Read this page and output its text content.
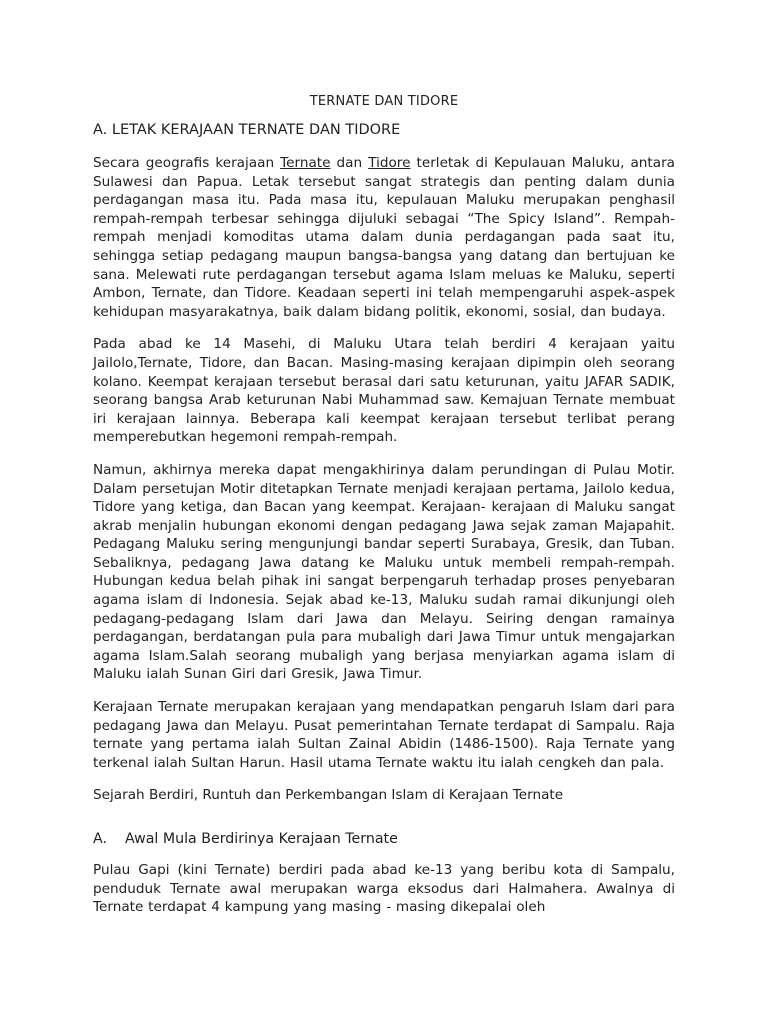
TERNATE DAN TIDORE
A. LETAK KERAJAAN TERNATE DAN TIDORE

Secara geografis kerajaan Ternate dan Tidore terletak di Kepulauan Maluku, antara Sulawesi dan Papua. Letak tersebut sangat strategis dan penting dalam dunia perdagangan masa itu. Pada masa itu, kepulauan Maluku merupakan penghasil rempah-rempah terbesar sehingga dijuluki sebagai “The Spicy Island”. Rempah-rempah menjadi komoditas utama dalam dunia perdagangan pada saat itu, sehingga setiap pedagang maupun bangsa-bangsa yang datang dan bertujuan ke sana. Melewati rute perdagangan tersebut agama Islam meluas ke Maluku, seperti Ambon, Ternate, dan Tidore. Keadaan seperti ini telah mempengaruhi aspek-aspek kehidupan masyarakatnya, baik dalam bidang politik, ekonomi, sosial, dan budaya.

Pada abad ke 14 Masehi, di Maluku Utara telah berdiri 4 kerajaan yaitu Jailolo,Ternate, Tidore, dan Bacan. Masing-masing kerajaan dipimpin oleh seorang kolano. Keempat kerajaan tersebut berasal dari satu keturunan, yaitu JAFAR SADIK, seorang bangsa Arab keturunan Nabi Muhammad saw. Kemajuan Ternate membuat iri kerajaan lainnya. Beberapa kali keempat kerajaan tersebut terlibat perang memperebutkan hegemoni rempah-rempah.

Namun, akhirnya mereka dapat mengakhirinya dalam perundingan di Pulau Motir. Dalam persetujan Motir ditetapkan Ternate menjadi kerajaan pertama, Jailolo kedua, Tidore yang ketiga, dan Bacan yang keempat. Kerajaan- kerajaan di Maluku sangat akrab menjalin hubungan ekonomi dengan pedagang Jawa sejak zaman Majapahit. Pedagang Maluku sering mengunjungi bandar seperti Surabaya, Gresik, dan Tuban. Sebaliknya, pedagang Jawa datang ke Maluku untuk membeli rempah-rempah. Hubungan kedua belah pihak ini sangat berpengaruh terhadap proses penyebaran agama islam di Indonesia. Sejak abad ke-13, Maluku sudah ramai dikunjungi oleh pedagang-pedagang Islam dari Jawa dan Melayu. Seiring dengan ramainya perdagangan, berdatangan pula para mubaligh dari Jawa Timur untuk mengajarkan agama Islam.Salah seorang mubaligh yang berjasa menyiarkan agama islam di Maluku ialah Sunan Giri dari Gresik, Jawa Timur.

Kerajaan Ternate merupakan kerajaan yang mendapatkan pengaruh Islam dari para pedagang Jawa dan Melayu. Pusat pemerintahan Ternate terdapat di Sampalu. Raja ternate yang pertama ialah Sultan Zainal Abidin (1486-1500). Raja Ternate yang terkenal ialah Sultan Harun. Hasil utama Ternate waktu itu ialah cengkeh dan pala.

Sejarah Berdiri, Runtuh dan Perkembangan Islam di Kerajaan Ternate
A. Awal Mula Berdirinya Kerajaan Ternate

Pulau Gapi (kini Ternate) berdiri pada abad ke-13 yang beribu kota di Sampalu, penduduk Ternate awal merupakan warga eksodus dari Halmahera. Awalnya di Ternate terdapat 4 kampung yang masing - masing dikepalai oleh
